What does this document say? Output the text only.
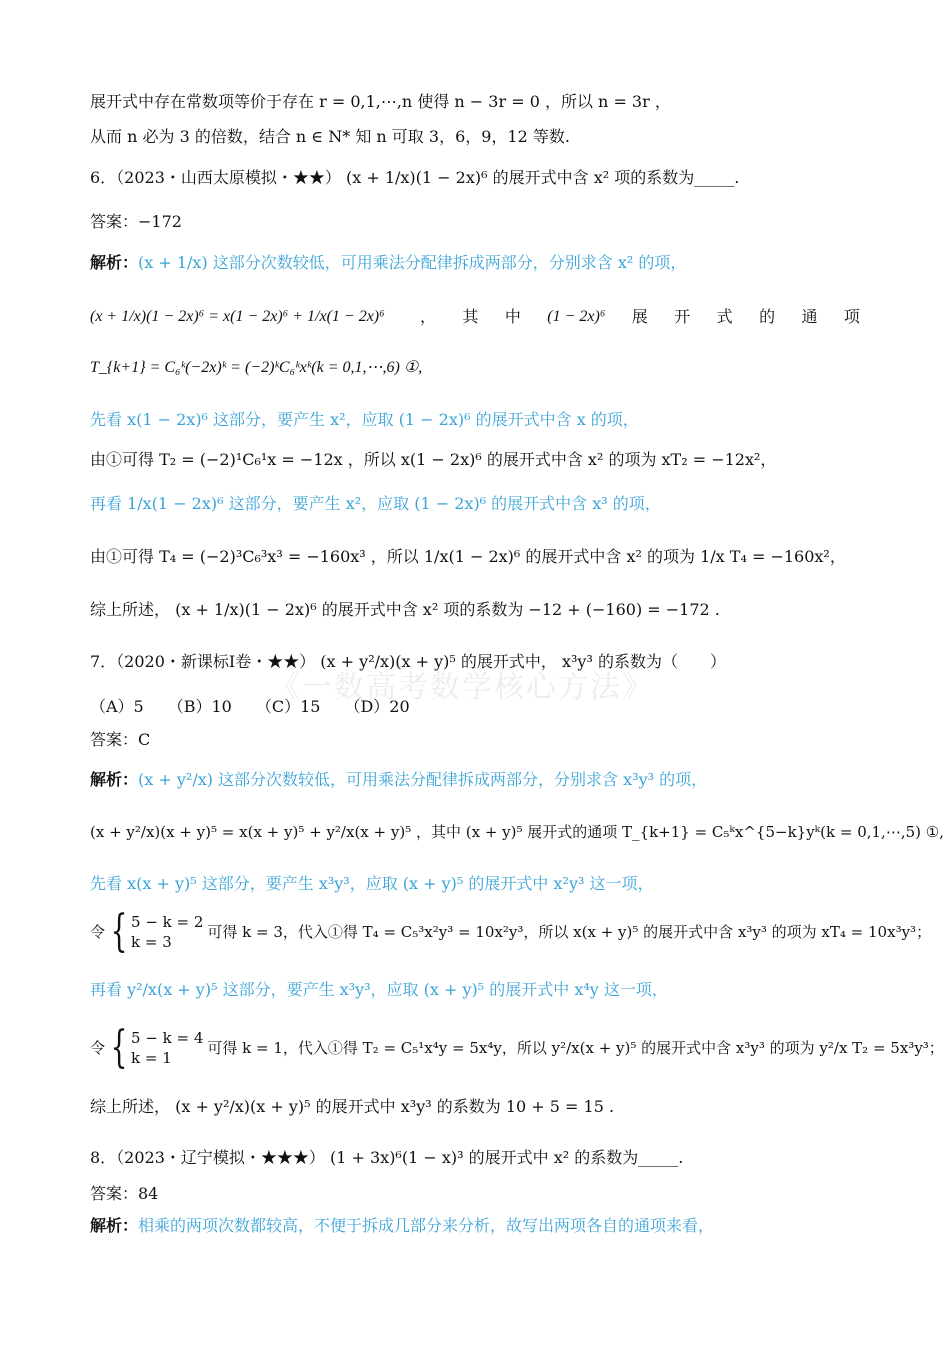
《一数高考数学核心方法》
展开式中存在常数项等价于存在 r = 0,1,⋯,n 使得 n − 3r = 0 ，所以 n = 3r ，
从而 n 必为 3 的倍数，结合 n ∈ N* 知 n 可取 3，6，9，12 等数.
6．（2023・山西太原模拟・★★） (x + 1/x)(1 − 2x)⁶ 的展开式中含 x² 项的系数为_____.
答案：−172
解析：(x + 1/x) 这部分次数较低，可用乘法分配律拆成两部分，分别求含 x² 的项，
(x + 1/x)(1 − 2x)⁶ = x(1 − 2x)⁶ + 1/x(1 − 2x)⁶	， 其 中 (1 − 2x)⁶ 展 开 式 的 通 项
T_{k+1} = C₆ᵏ(−2x)ᵏ = (−2)ᵏC₆ᵏxᵏ(k = 0,1,⋯,6) ①,
先看 x(1 − 2x)⁶ 这部分，要产生 x²，应取 (1 − 2x)⁶ 的展开式中含 x 的项，
由①可得 T₂ = (−2)¹C₆¹x = −12x ，所以 x(1 − 2x)⁶ 的展开式中含 x² 的项为 xT₂ = −12x²，
再看 1/x(1 − 2x)⁶ 这部分，要产生 x²，应取 (1 − 2x)⁶ 的展开式中含 x³ 的项，
由①可得 T₄ = (−2)³C₆³x³ = −160x³ ，所以 1/x(1 − 2x)⁶ 的展开式中含 x² 的项为 1/x T₄ = −160x²，
综上所述， (x + 1/x)(1 − 2x)⁶ 的展开式中含 x² 项的系数为 −12 + (−160) = −172 .
7．（2020・新课标Ⅰ卷・★★） (x + y²/x)(x + y)⁵ 的展开式中， x³y³ 的系数为（　　）
（A）5　　（B）10　　（C）15　　（D）20
答案：C
解析：(x + y²/x) 这部分次数较低，可用乘法分配律拆成两部分，分别求含 x³y³ 的项，
(x + y²/x)(x + y)⁵ = x(x + y)⁵ + y²/x(x + y)⁵ ，其中 (x + y)⁵ 展开式的通项 T_{k+1} = C₅ᵏx^{5−k}yᵏ(k = 0,1,⋯,5) ①,
先看 x(x + y)⁵ 这部分，要产生 x³y³，应取 (x + y)⁵ 的展开式中 x²y³ 这一项，
令 { 5 − k = 2
k = 3
可得 k = 3，代入①得 T₄ = C₅³x²y³ = 10x²y³，所以 x(x + y)⁵ 的展开式中含 x³y³ 的项为 xT₄ = 10x³y³；
再看 y²/x(x + y)⁵ 这部分，要产生 x³y³，应取 (x + y)⁵ 的展开式中 x⁴y 这一项，
令 { 5 − k = 4
k = 1
可得 k = 1，代入①得 T₂ = C₅¹x⁴y = 5x⁴y，所以 y²/x(x + y)⁵ 的展开式中含 x³y³ 的项为 y²/x T₂ = 5x³y³；
综上所述， (x + y²/x)(x + y)⁵ 的展开式中 x³y³ 的系数为 10 + 5 = 15 .
8．（2023・辽宁模拟・★★★） (1 + 3x)⁶(1 − x)³ 的展开式中 x² 的系数为_____.
答案：84
解析：相乘的两项次数都较高，不便于拆成几部分来分析，故写出两项各自的通项来看，
